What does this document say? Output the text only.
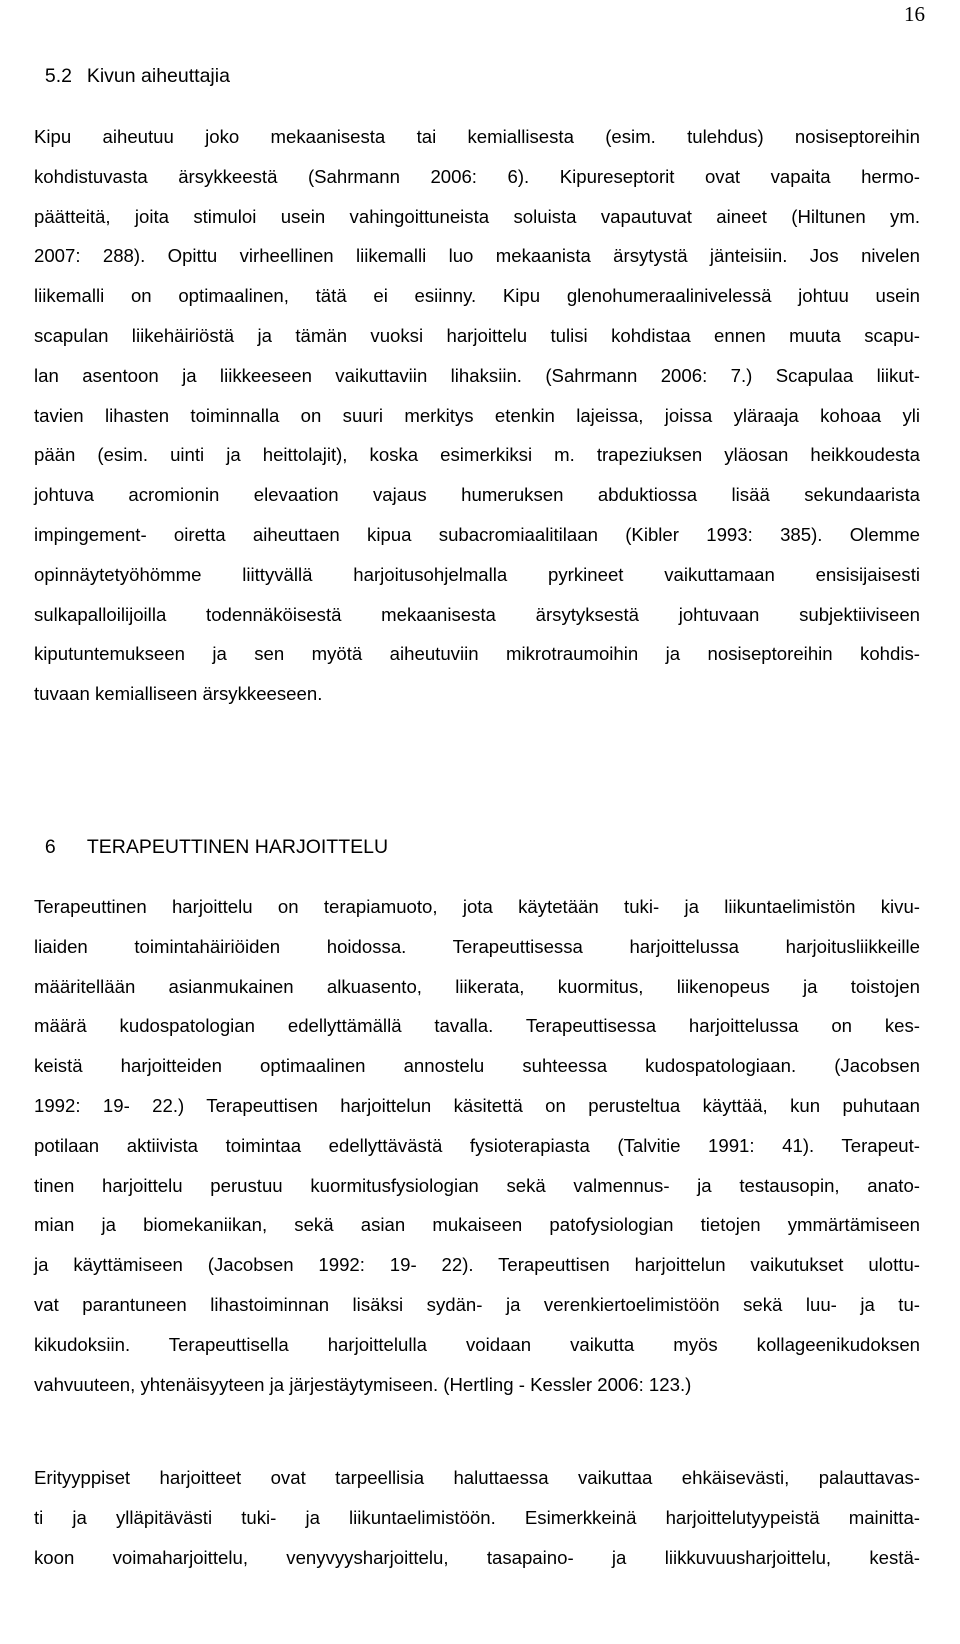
16

5.2 Kivun aiheuttajia

Kipu aiheutuu joko mekaanisesta tai kemiallisesta (esim. tulehdus) nosiseptoreihin
kohdistuvasta ärsykkeestä (Sahrmann 2006: 6). Kipureseptorit ovat vapaita hermo-
päätteitä, joita stimuloi usein vahingoittuneista soluista vapautuvat aineet (Hiltunen ym.
2007: 288). Opittu virheellinen liikemalli luo mekaanista ärsytystä jänteisiin. Jos nivelen
liikemalli on optimaalinen, tätä ei esiinny. Kipu glenohumeraalinivelessä johtuu usein
scapulan liikehäiriöstä ja tämän vuoksi harjoittelu tulisi kohdistaa ennen muuta scapu-
lan asentoon ja liikkeeseen vaikuttaviin lihaksiin. (Sahrmann 2006: 7.) Scapulaa liikut-
tavien lihasten toiminnalla on suuri merkitys etenkin lajeissa, joissa yläraaja kohoaa yli
pään (esim. uinti ja heittolajit), koska esimerkiksi m. trapeziuksen yläosan heikkoudesta
johtuva acromionin elevaation vajaus humeruksen abduktiossa lisää sekundaarista
impingement- oiretta aiheuttaen kipua subacromiaalitilaan (Kibler 1993: 385). Olemme
opinnäytetyöhömme liittyvällä harjoitusohjelmalla pyrkineet vaikuttamaan ensisijaisesti
sulkapalloilijoilla todennäköisestä mekaanisesta ärsytyksestä johtuvaan subjektiiviseen
kiputuntemukseen ja sen myötä aiheutuviin mikrotraumoihin ja nosiseptoreihin kohdis-
tuvaan kemialliseen ärsykkeeseen.

6 TERAPEUTTINEN HARJOITTELU

Terapeuttinen harjoittelu on terapiamuoto, jota käytetään tuki- ja liikuntaelimistön kivu-
liaiden toimintahäiriöiden hoidossa. Terapeuttisessa harjoittelussa harjoitusliikkeille
määritellään asianmukainen alkuasento, liikerata, kuormitus, liikenopeus ja toistojen
määrä kudospatologian edellyttämällä tavalla. Terapeuttisessa harjoittelussa on kes-
keistä harjoitteiden optimaalinen annostelu suhteessa kudospatologiaan. (Jacobsen
1992: 19- 22.) Terapeuttisen harjoittelun käsitettä on perusteltua käyttää, kun puhutaan
potilaan aktiivista toimintaa edellyttävästä fysioterapiasta (Talvitie 1991: 41). Terapeut-
tinen harjoittelu perustuu kuormitusfysiologian sekä valmennus- ja testausopin, anato-
mian ja biomekaniikan, sekä asian mukaiseen patofysiologian tietojen ymmärtämiseen
ja käyttämiseen (Jacobsen 1992: 19- 22). Terapeuttisen harjoittelun vaikutukset ulottu-
vat parantuneen lihastoiminnan lisäksi sydän- ja verenkiertoelimistöön sekä luu- ja tu-
kikudoksiin. Terapeuttisella harjoittelulla voidaan vaikutta myös kollageenikudoksen
vahvuuteen, yhtenäisyyteen ja järjestäytymiseen. (Hertling - Kessler 2006: 123.)
Erityyppiset harjoitteet ovat tarpeellisia haluttaessa vaikuttaa ehkäisevästi, palauttavas-
ti ja ylläpitävästi tuki- ja liikuntaelimistöön. Esimerkkeinä harjoittelutyypeistä mainitta-
koon voimaharjoittelu, venyvyysharjoittelu, tasapaino- ja liikkuvuusharjoittelu, kestä-
